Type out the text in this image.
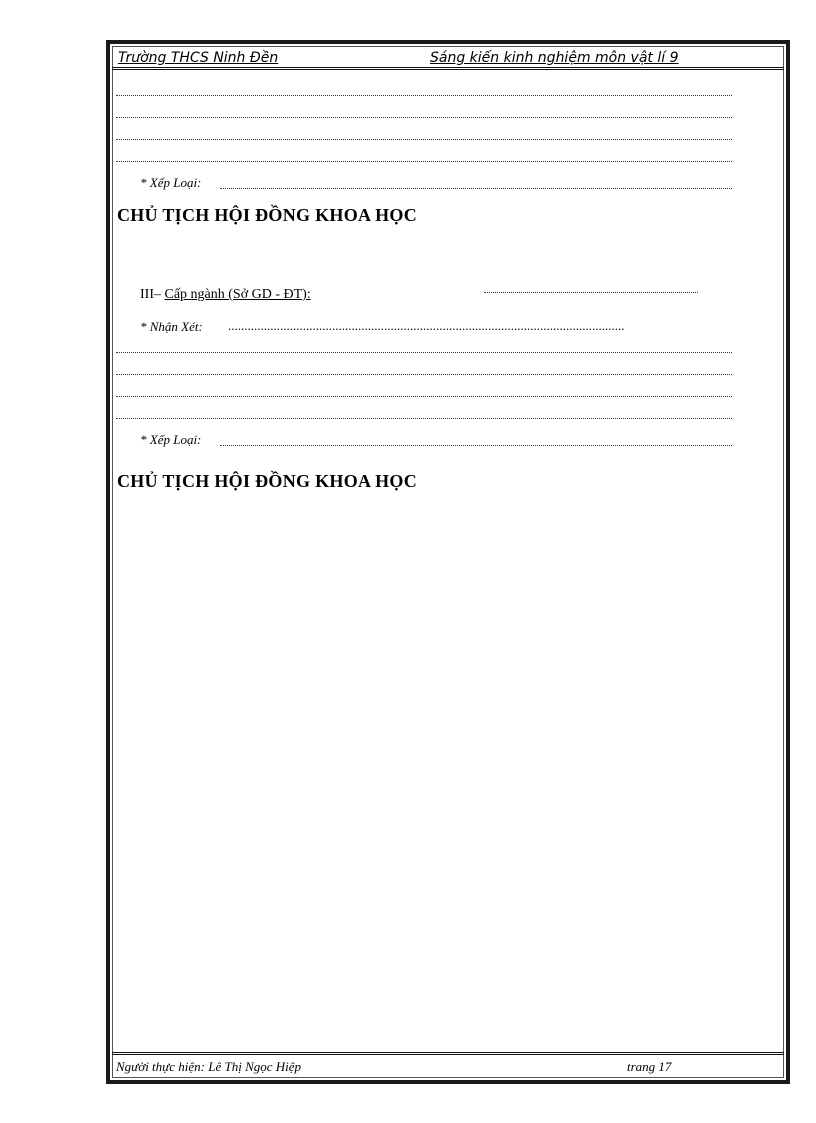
Trường THCS Ninh Đền	Sáng kiến kinh nghiệm môn vật lí 9
* Xếp Loại:
CHỦ TỊCH HỘI ĐỒNG KHOA HỌC
III– Cấp ngành (Sở GD - ĐT):
* Nhận Xét: ..........................................................................................................................
* Xếp Loại:
CHỦ TỊCH HỘI ĐỒNG KHOA HỌC
Người thực hiện: Lê Thị Ngọc Hiệp	trang 17
